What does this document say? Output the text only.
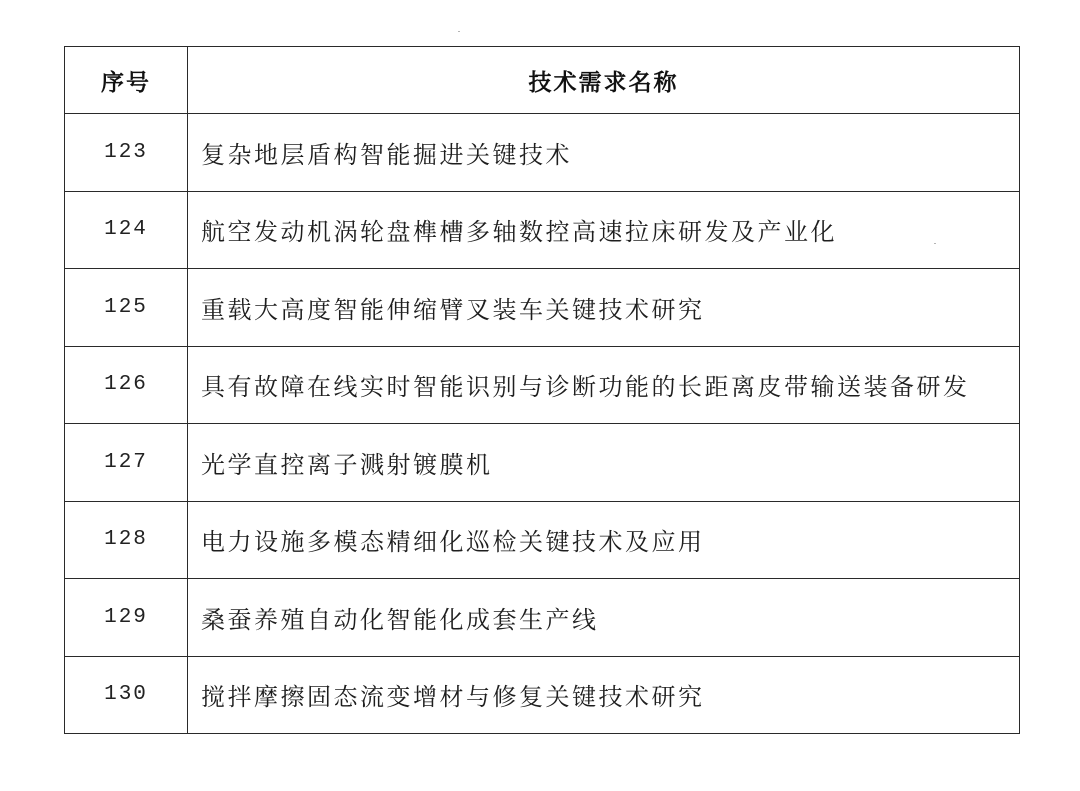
序号	技术需求名称
123	复杂地层盾构智能掘进关键技术
124	航空发动机涡轮盘榫槽多轴数控高速拉床研发及产业化
125	重载大高度智能伸缩臂叉装车关键技术研究
126	具有故障在线实时智能识别与诊断功能的长距离皮带输送装备研发
127	光学直控离子溅射镀膜机
128	电力设施多模态精细化巡检关键技术及应用
129	桑蚕养殖自动化智能化成套生产线
130	搅拌摩擦固态流变增材与修复关键技术研究
